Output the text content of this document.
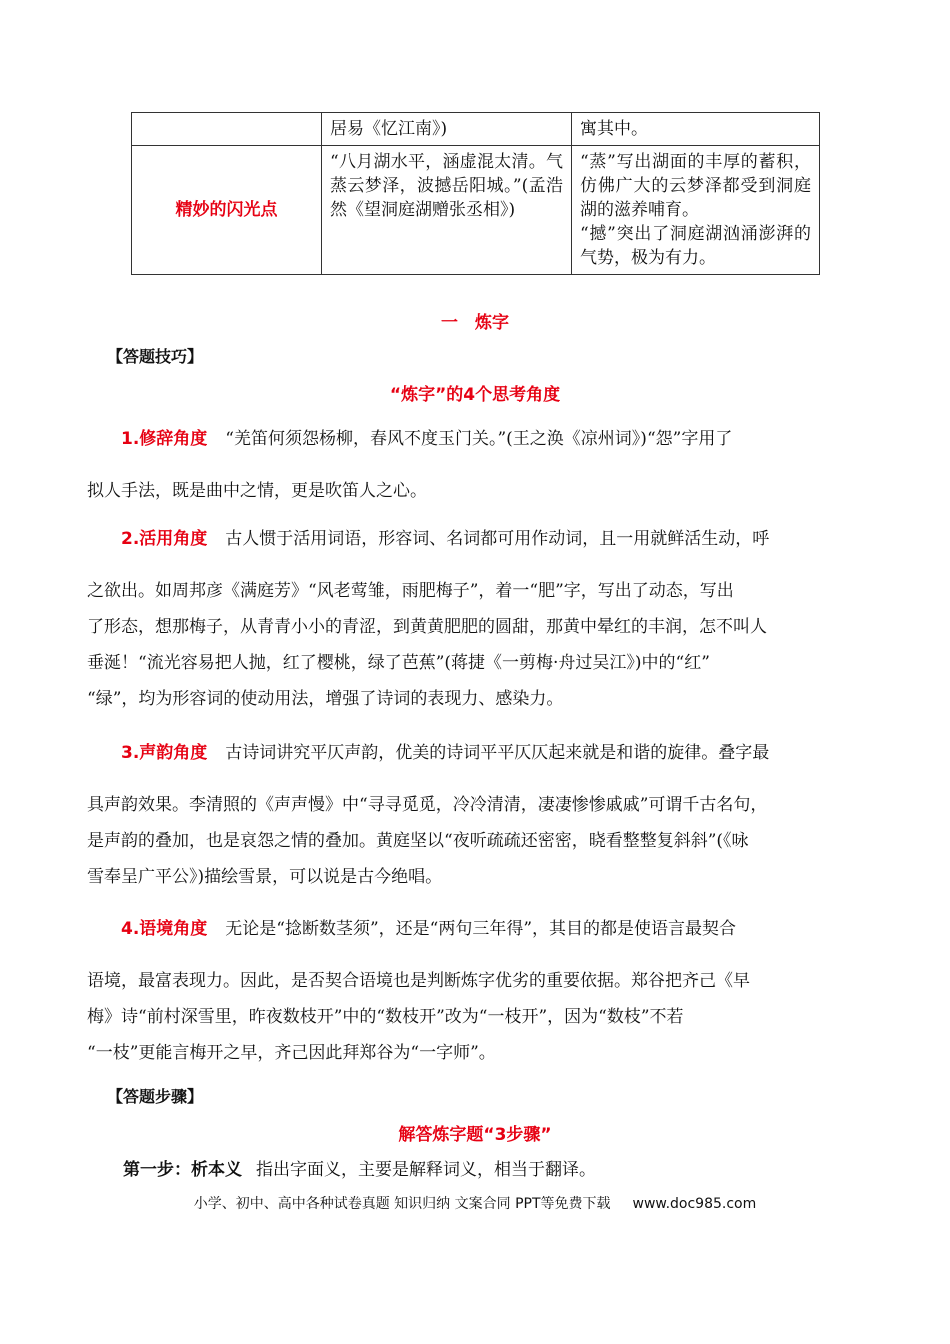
	居易《忆江南》)	寓其中。
精妙的闪光点	“八月湖水平，涵虚混太清。气蒸云梦泽，波撼岳阳城。”(孟浩然《望洞庭湖赠张丞相》)	“蒸”写出湖面的丰厚的蓄积，仿佛广大的云梦泽都受到洞庭湖的滋养哺育。
“撼”突出了洞庭湖汹涌澎湃的气势，极为有力。
一　炼字
【答题技巧】
“炼字”的4个思考角度
1.修辞角度 “羌笛何须怨杨柳，春风不度玉门关。”(王之涣《凉州词》)“怨”字用了
拟人手法，既是曲中之情，更是吹笛人之心。
2.活用角度 古人惯于活用词语，形容词、名词都可用作动词，且一用就鲜活生动，呼
之欲出。如周邦彦《满庭芳》“风老莺雏，雨肥梅子”，着一“肥”字，写出了动态，写出
了形态，想那梅子，从青青小小的青涩，到黄黄肥肥的圆甜，那黄中晕红的丰润，怎不叫人
垂涎！“流光容易把人抛，红了樱桃，绿了芭蕉”(蒋捷《一剪梅·舟过吴江》)中的“红”
“绿”，均为形容词的使动用法，增强了诗词的表现力、感染力。
3.声韵角度 古诗词讲究平仄声韵，优美的诗词平平仄仄起来就是和谐的旋律。叠字最
具声韵效果。李清照的《声声慢》中“寻寻觅觅，冷冷清清，凄凄惨惨戚戚”可谓千古名句，
是声韵的叠加，也是哀怨之情的叠加。黄庭坚以“夜听疏疏还密密，晓看整整复斜斜”(《咏
雪奉呈广平公》)描绘雪景，可以说是古今绝唱。
4.语境角度 无论是“捻断数茎须”，还是“两句三年得”，其目的都是使语言最契合
语境，最富表现力。因此，是否契合语境也是判断炼字优劣的重要依据。郑谷把齐己《早
梅》诗“前村深雪里，昨夜数枝开”中的“数枝开”改为“一枝开”，因为“数枝”不若
“一枝”更能言梅开之早，齐己因此拜郑谷为“一字师”。
【答题步骤】
解答炼字题“3步骤”
第一步：析本义 指出字面义，主要是解释词义，相当于翻译。
小学、初中、高中各种试卷真题 知识归纳 文案合同 PPT等免费下载 www.doc985.com
